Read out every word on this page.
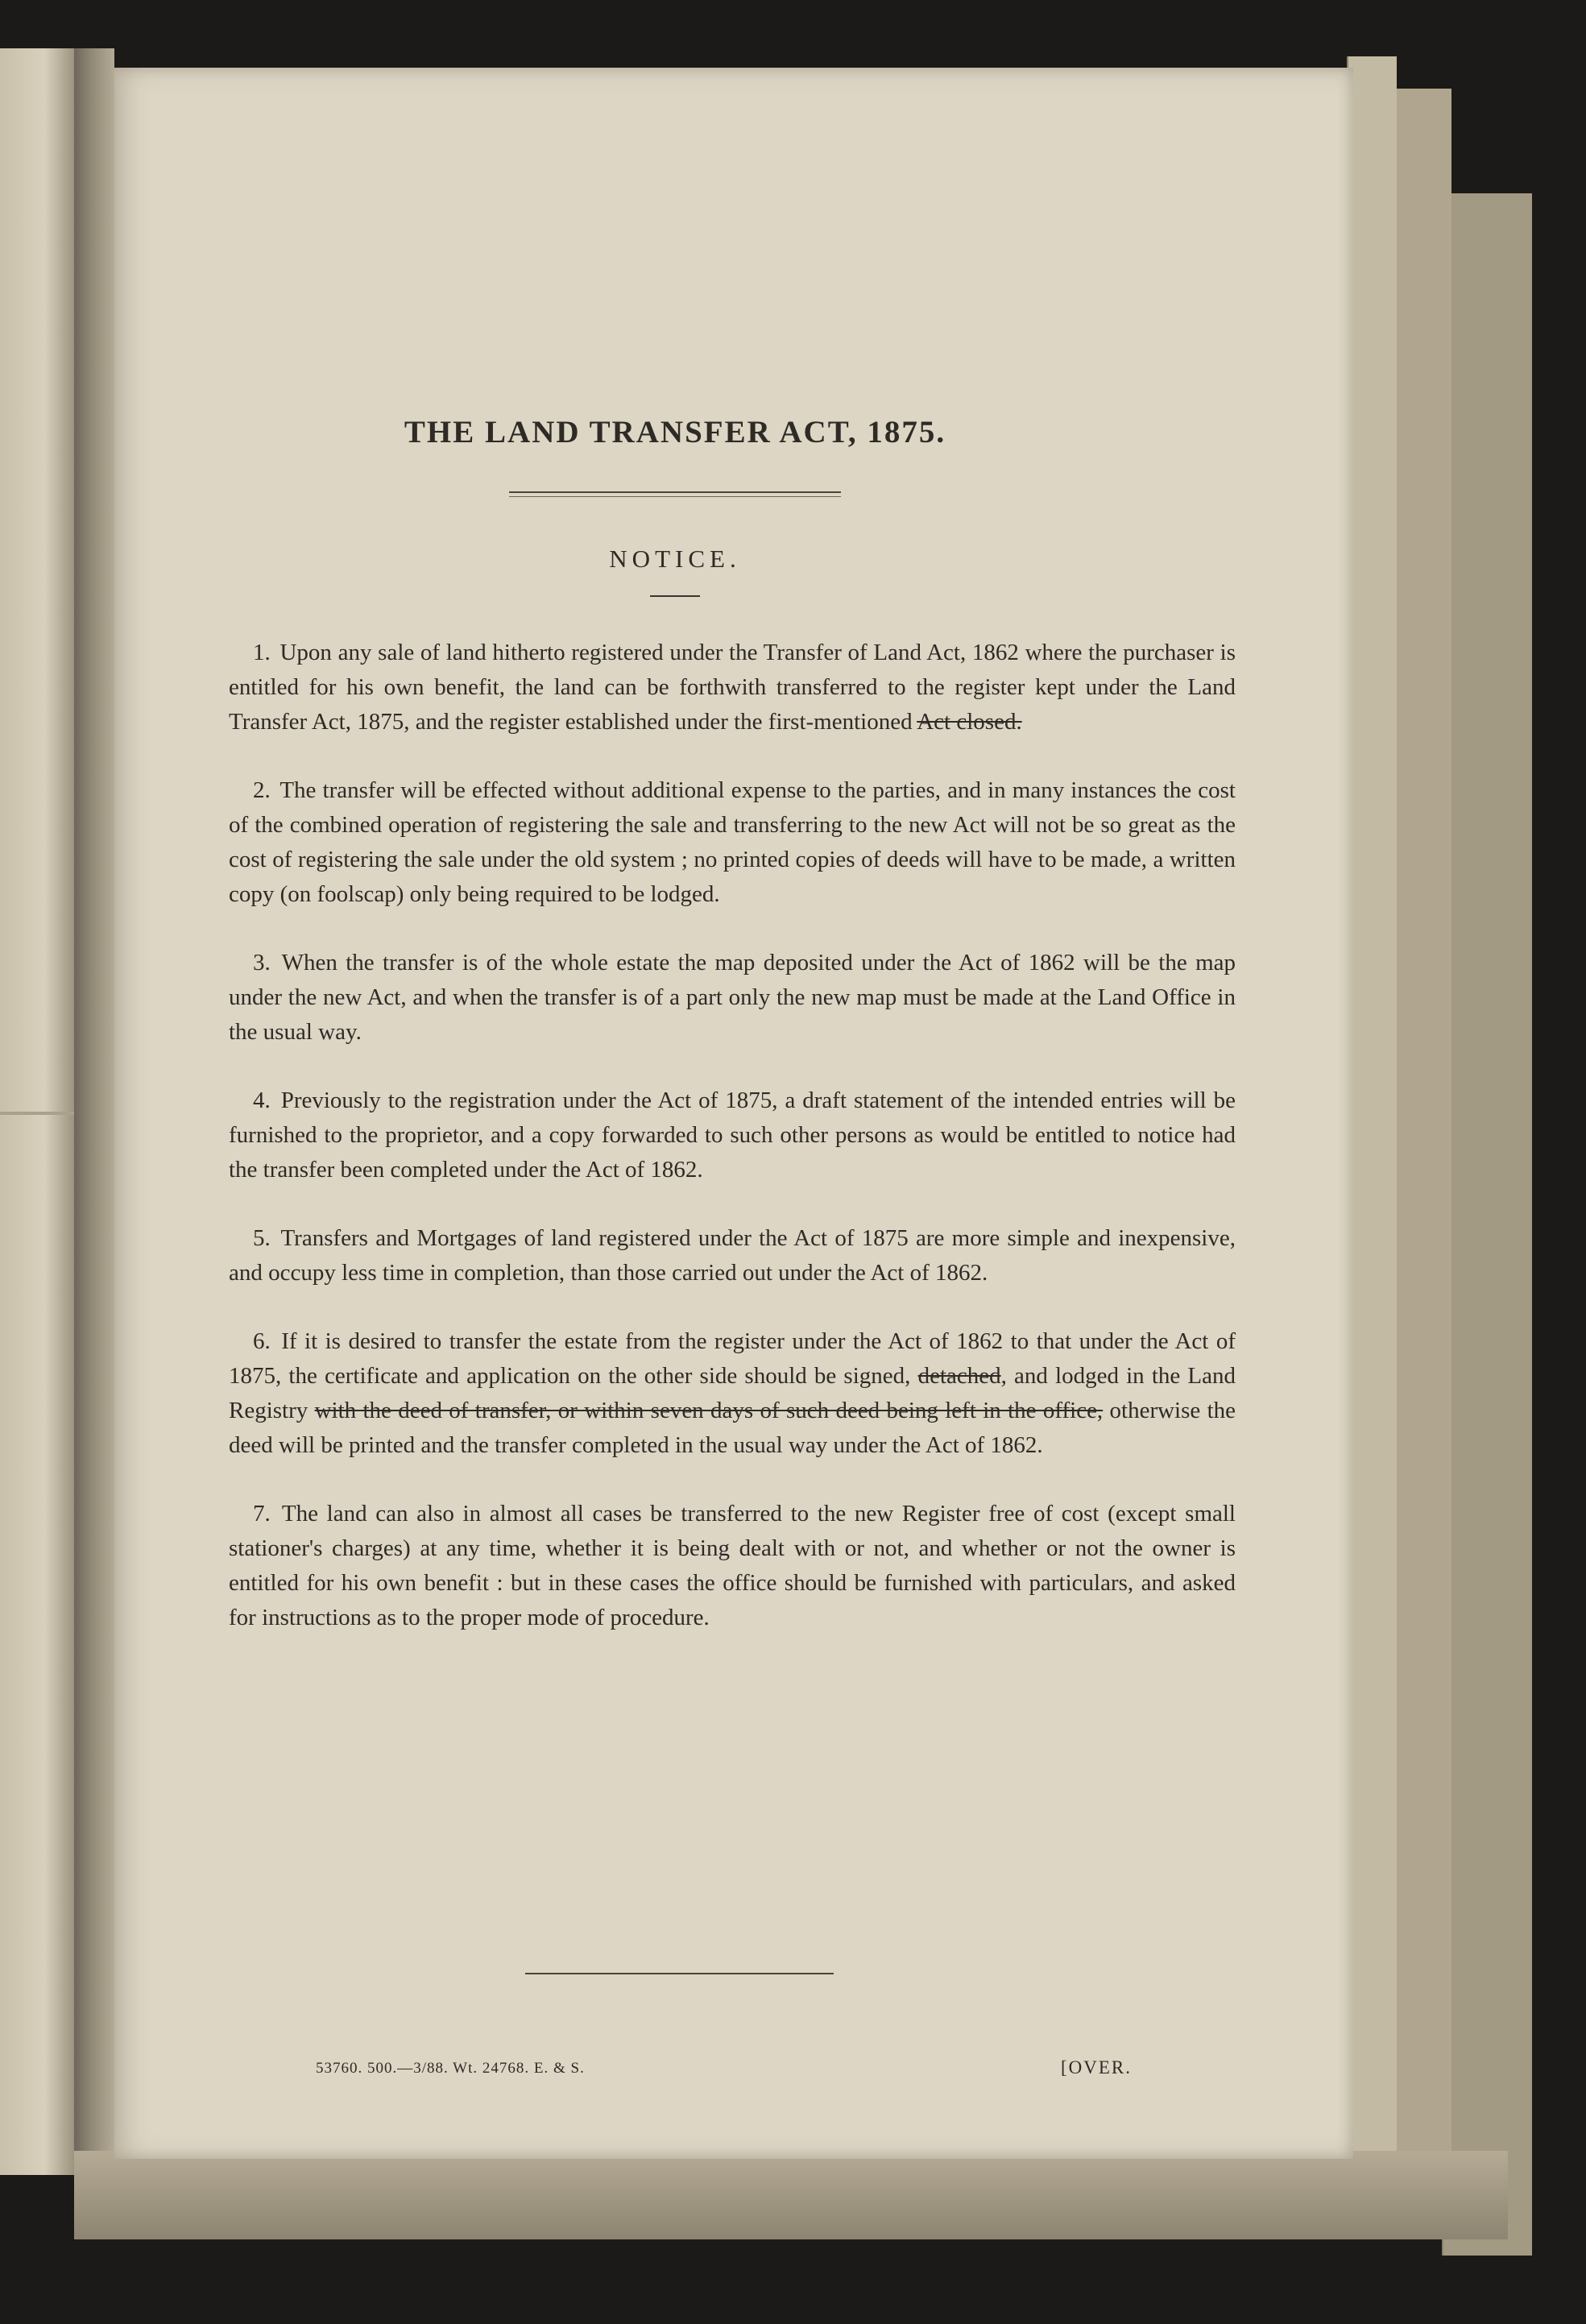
THE LAND TRANSFER ACT, 1875.
NOTICE.

1. Upon any sale of land hitherto registered under the Transfer of Land Act, 1862 where the purchaser is entitled for his own benefit, the land can be forthwith transferred to the register kept under the Land Transfer Act, 1875, and the register established under the first-mentioned Act closed.

2. The transfer will be effected without additional expense to the parties, and in many instances the cost of the combined operation of registering the sale and transferring to the new Act will not be so great as the cost of registering the sale under the old system ; no printed copies of deeds will have to be made, a written copy (on foolscap) only being required to be lodged.

3. When the transfer is of the whole estate the map deposited under the Act of 1862 will be the map under the new Act, and when the transfer is of a part only the new map must be made at the Land Office in the usual way.

4. Previously to the registration under the Act of 1875, a draft statement of the intended entries will be furnished to the proprietor, and a copy forwarded to such other persons as would be entitled to notice had the transfer been completed under the Act of 1862.

5. Transfers and Mortgages of land registered under the Act of 1875 are more simple and inexpensive, and occupy less time in completion, than those carried out under the Act of 1862.

6. If it is desired to transfer the estate from the register under the Act of 1862 to that under the Act of 1875, the certificate and application on the other side should be signed, detached, and lodged in the Land Registry with the deed of transfer, or within seven days of such deed being left in the office, otherwise the deed will be printed and the transfer completed in the usual way under the Act of 1862.

7. The land can also in almost all cases be transferred to the new Register free of cost (except small stationer's charges) at any time, whether it is being dealt with or not, and whether or not the owner is entitled for his own benefit : but in these cases the office should be furnished with particulars, and asked for instructions as to the proper mode of procedure.

53760. 500.—3/88. Wt. 24768. E. & S.	[OVER.
